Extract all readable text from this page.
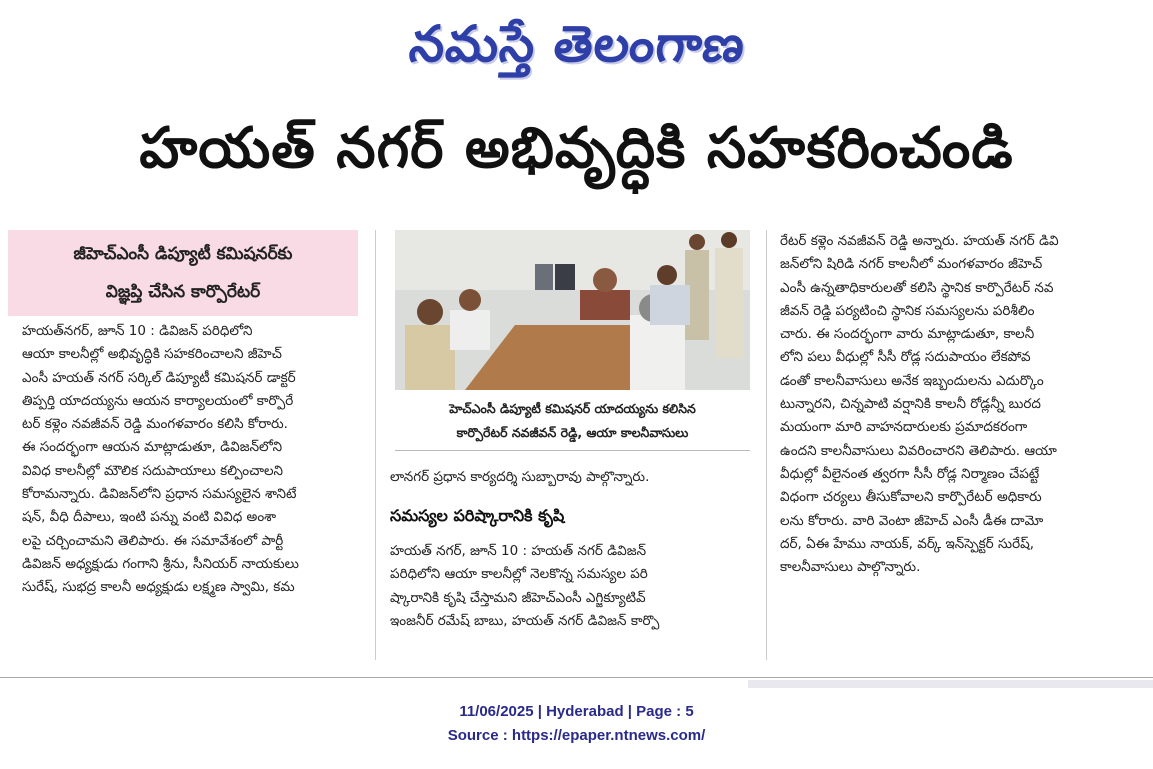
నమస్తే తెలంగాణ
హయత్ నగర్ అభివృద్ధికి సహకరించండి
జీహెచ్ఎంసీ డిప్యూటీ కమిషనర్‌కు
విజ్ఞప్తి చేసిన కార్పొరేటర్
హయత్‌నగర్, జూన్ 10 : డివిజన్ పరిధిలోని
ఆయా కాలనీల్లో అభివృద్ధికి సహకరించాలని జీహెచ్
ఎంసీ హయత్ నగర్ సర్కిల్ డిప్యూటీ కమిషనర్ డాక్టర్
తిప్పర్తి యాదయ్యను ఆయన కార్యాలయంలో కార్పొరే
టర్ కళ్లెం నవజీవన్ రెడ్డి మంగళవారం కలిసి కోరారు.
ఈ సందర్భంగా ఆయన మాట్లాడుతూ, డివిజన్‌లోని
వివిధ కాలనీల్లో మౌలిక సదుపాయాలు కల్పించాలని
కోరామన్నారు. డివిజన్‌లోని ప్రధాన సమస్యలైన శానిటే
షన్, వీధి దీపాలు, ఇంటి పన్ను వంటి వివిధ అంశా
లపై చర్చించామని తెలిపారు. ఈ సమావేశంలో పార్టీ
డివిజన్ అధ్యక్షుడు గంగాని శ్రీను, సీనియర్ నాయకులు
సురేష్, సుభద్ర కాలనీ అధ్యక్షుడు లక్ష్మణ స్వామి, కమ
హెచ్ఎంసీ డిప్యూటీ కమిషనర్ యాదయ్యను కలిసిన
కార్పొరేటర్ నవజీవన్ రెడ్డి, ఆయా కాలనీవాసులు
లానగర్ ప్రధాన కార్యదర్శి సుబ్బారావు పాల్గొన్నారు.
సమస్యల పరిష్కారానికి కృషి
హయత్ నగర్, జూన్ 10 : హయత్ నగర్ డివిజన్
పరిధిలోని ఆయా కాలనీల్లో నెలకొన్న సమస్యల పరి
ష్కారానికి కృషి చేస్తామని జీహెచ్ఎంసీ ఎగ్జిక్యూటివ్
ఇంజనీర్ రమేష్ బాబు, హయత్ నగర్ డివిజన్ కార్పొ
రేటర్ కళ్లెం నవజీవన్ రెడ్డి అన్నారు. హయత్ నగర్ డివి
జన్‌లోని షిరిడి నగర్ కాలనీలో మంగళవారం జీహెచ్
ఎంసీ ఉన్నతాధికారులతో కలిసి స్థానిక కార్పొరేటర్ నవ
జీవన్ రెడ్డి పర్యటించి స్థానిక సమస్యలను పరిశీలిం
చారు. ఈ సందర్భంగా వారు మాట్లాడుతూ, కాలనీ
లోని పలు వీధుల్లో సీసీ రోడ్ల సదుపాయం లేకపోవ
డంతో కాలనీవాసులు అనేక ఇబ్బందులను ఎదుర్కొం
టున్నారని, చిన్నపాటి వర్షానికి కాలనీ రోడ్లన్నీ బురద
మయంగా మారి వాహనదారులకు ప్రమాదకరంగా
ఉందని కాలనీవాసులు వివరించారని తెలిపారు. ఆయా
వీధుల్లో వీలైనంత త్వరగా సీసీ రోడ్ల నిర్మాణం చేపట్టే
విధంగా చర్యలు తీసుకోవాలని కార్పొరేటర్ అధికారు
లను కోరారు. వారి వెంటా జీహెచ్ ఎంసీ డీఈ దామో
దర్, ఏఈ హేము నాయక్, వర్క్ ఇన్‌స్పెక్టర్ సురేష్,
కాలనీవాసులు పాల్గొన్నారు.
11/06/2025 | Hyderabad | Page : 5
Source : https://epaper.ntnews.com/
